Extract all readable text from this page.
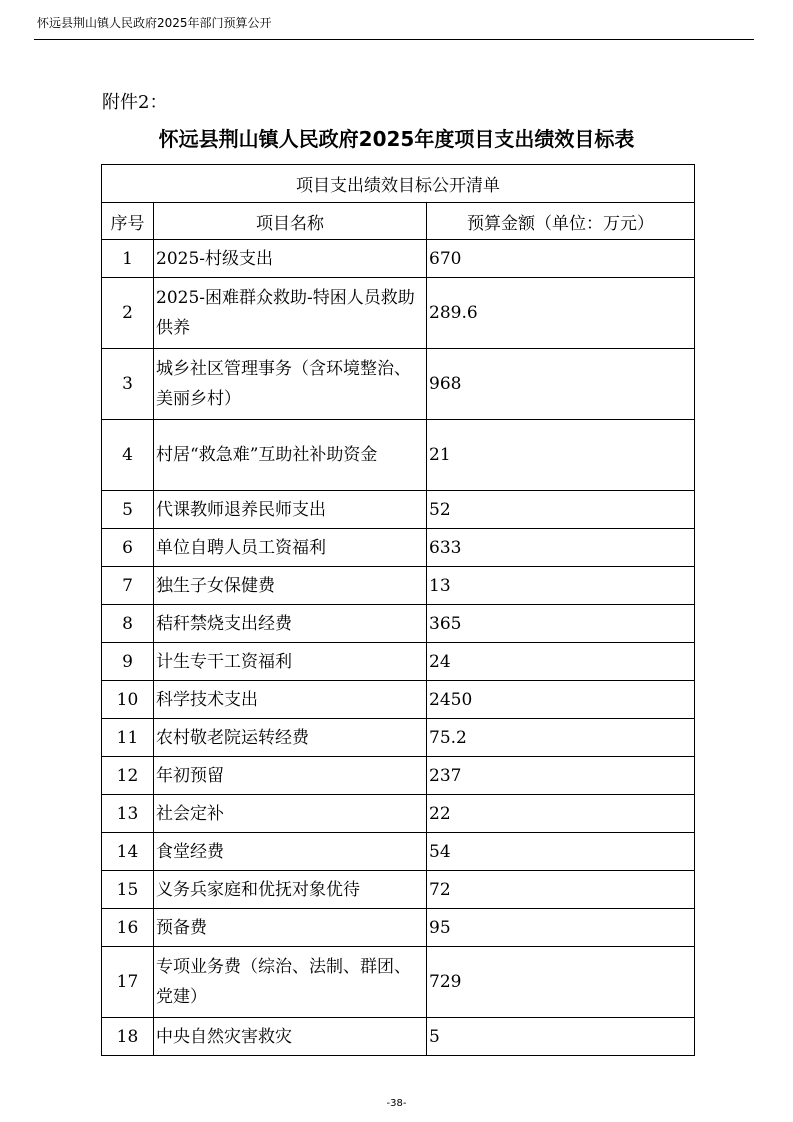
怀远县荆山镇人民政府2025年部门预算公开
附件2：
怀远县荆山镇人民政府2025年度项目支出绩效目标表
项目支出绩效目标公开清单		
序号	项目名称	预算金额（单位：万元）
1	2025-村级支出	670
2	2025-困难群众救助-特困人员救助供养	289.6
3	城乡社区管理事务（含环境整治、美丽乡村）	968
4	村居“救急难”互助社补助资金	21
5	代课教师退养民师支出	52
6	单位自聘人员工资福利	633
7	独生子女保健费	13
8	秸秆禁烧支出经费	365
9	计生专干工资福利	24
10	科学技术支出	2450
11	农村敬老院运转经费	75.2
12	年初预留	237
13	社会定补	22
14	食堂经费	54
15	义务兵家庭和优抚对象优待	72
16	预备费	95
17	专项业务费（综治、法制、群团、党建）	729
18	中央自然灾害救灾	5
-38-
